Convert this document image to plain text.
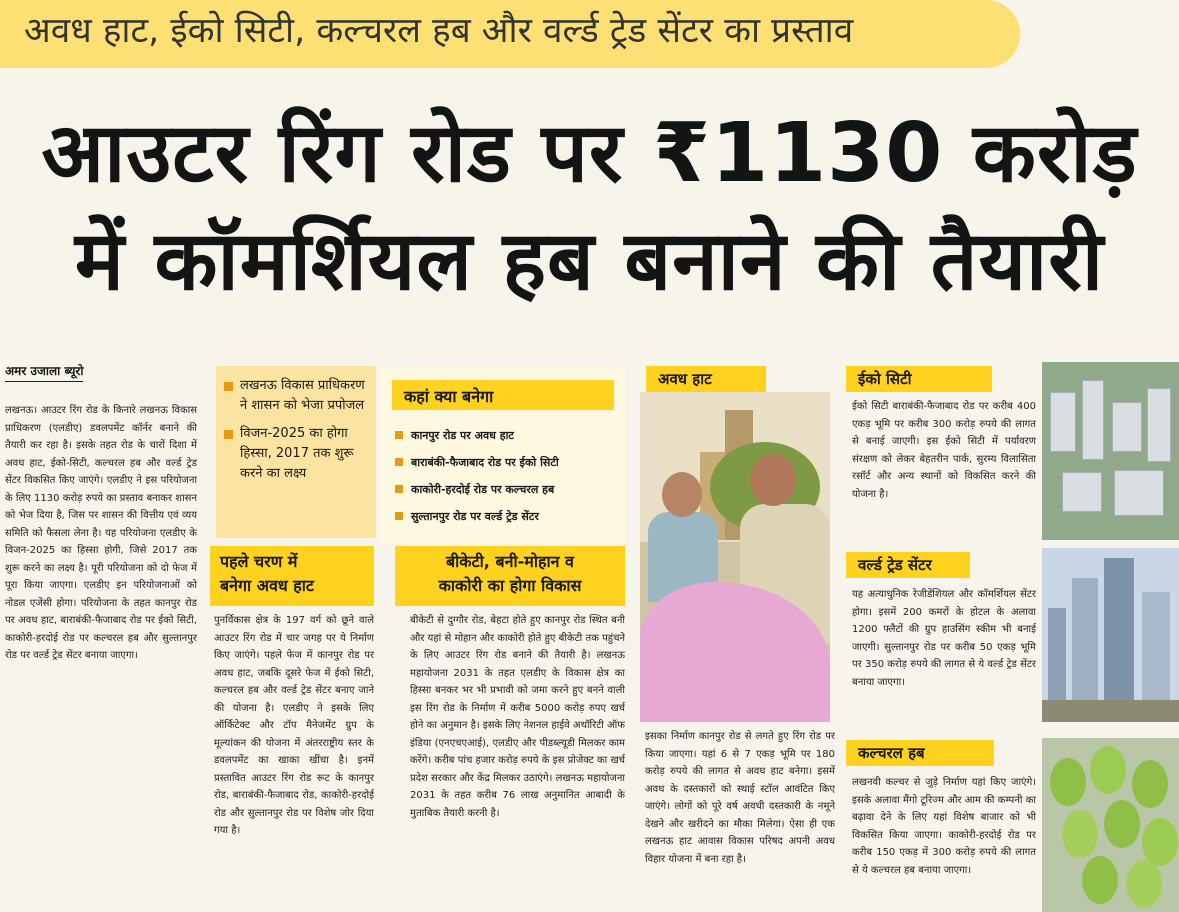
अवध हाट, ईको सिटी, कल्चरल हब और वर्ल्ड ट्रेड सेंटर का प्रस्ताव
आउटर रिंग रोड पर ₹1130 करोड़
में कॉमर्शियल हब बनाने की तैयारी
अमर उजाला ब्यूरो
लखनऊ। आउटर रिंग रोड के किनारे लखनऊ विकास प्राधिकरण (एलडीए) डवलपमेंट कॉर्नर बनाने की तैयारी कर रहा है। इसके तहत रोड के चारों दिशा में अवध हाट, ईको-सिटी, कल्चरल हब और वर्ल्ड ट्रेड सेंटर विकसित किए जाएंगे। एलडीए ने इस परियोजना के लिए 1130 करोड़ रुपये का प्रस्ताव बनाकर शासन को भेज दिया है, जिस पर शासन की वित्तीय एवं व्यय समिति को फैसला लेना है। यह परियोजना एलडीए के विजन-2025 का हिस्सा होगी, जिसे 2017 तक शुरू करने का लक्ष्य है। पूरी परियोजना को दो फेज में पूरा किया जाएगा। एलडीए इन परियोजनाओं को नोडल एजेंसी होगा। परियोजना के तहत कानपुर रोड पर अवध हाट, बाराबंकी-फैजाबाद रोड पर ईको सिटी, काकोरी-हरदोई रोड पर कल्चरल हब और सुल्तानपुर रोड पर वर्ल्ड ट्रेड सेंटर बनाया जाएगा।
लखनऊ विकास प्राधिकरण ने शासन को भेजा प्रपोजल
विजन-2025 का होगा हिस्सा, 2017 तक शुरू करने का लक्ष्य
कहां क्या बनेगा
कानपुर रोड पर अवध हाट
बाराबंकी-फैजाबाद रोड पर ईको सिटी
काकोरी-हरदोई रोड पर कल्चरल हब
सुल्तानपुर रोड पर वर्ल्ड ट्रेड सेंटर
पहले चरण में
बनेगा अवध हाट
पुनर्विकास क्षेत्र के 197 वर्ग को छूने वाले आउटर रिंग रोड में चार जगह पर ये निर्माण किए जाएंगे। पहले फेज में कानपुर रोड पर अवध हाट, जबकि दूसरे फेज में ईको सिटी, कल्चरल हब और वर्ल्ड ट्रेड सेंटर बनाए जाने की योजना है। एलडीए ने इसके लिए ऑर्किटेक्ट और टॉप मैनेजमेंट ग्रुप के मूल्यांकन की योजना में अंतरराष्ट्रीय स्तर के डवलपमेंट का खाका खींचा है। इनमें प्रस्तावित आउटर रिंग रोड रूट के कानपुर रोड, बाराबंकी-फैजाबाद रोड, काकोरी-हरदोई रोड और सुल्तानपुर रोड पर विशेष जोर दिया गया है।
बीकेटी, बनी-मोहान व
काकोरी का होगा विकास
बीकेटी से दुग्गौर रोड, बेहटा होते हुए कानपुर रोड स्थित बनी और यहां से मोहान और काकोरी होते हुए बीकेटी तक पहुंचने के लिए आउटर रिंग रोड बनाने की तैयारी है। लखनऊ महायोजना 2031 के तहत एलडीए के विकास क्षेत्र का हिस्सा बनकर भर भी प्रभावी को जमा करने हुए बनने वाली इस रिंग रोड के निर्माण में करीब 5000 करोड़ रुपए खर्च होने का अनुमान है। इसके लिए नेशनल हाईवे अथॉरिटी ऑफ इंडिया (एनएचएआई), एलडीए और पीडब्ल्यूडी मिलकर काम करेंगे। करीब पांच हजार करोड़ रुपये के इस प्रोजेक्ट का खर्च प्रदेश सरकार और केंद्र मिलकर उठाएंगे। लखनऊ महायोजना 2031 के तहत करीब 76 लाख अनुमानित आबादी के मुताबिक तैयारी करनी है।
अवध हाट
इसका निर्माण कानपुर रोड से लगते हुए रिंग रोड पर किया जाएगा। यहां 6 से 7 एकड़ भूमि पर 180 करोड़ रुपये की लागत से अवध हाट बनेगा। इसमें अवध के दस्तकारों को स्थाई स्टॉल आवंटित किए जाएंगे। लोगों को पूरे वर्ष अवधी दस्तकारी के नमूने देखने और खरीदने का मौका मिलेगा। ऐसा ही एक लखनऊ हाट आवास विकास परिषद अपनी अवध विहार योजना में बना रहा है।
ईको सिटी
ईको सिटी बाराबंकी-फैजाबाद रोड पर करीब 400 एकड़ भूमि पर करीब 300 करोड़ रुपये की लागत से बनाई जाएगी। इस ईको सिटी में पर्यावरण संरक्षण को लेकर बेहतरीन पार्क, सुरम्य विलासिता रसॉर्ट और अन्य स्थानों को विकसित करने की योजना है।
वर्ल्ड ट्रेड सेंटर
यह अत्याधुनिक रेजीडेंशियल और कॉमर्शियल सेंटर होगा। इसमें 200 कमरों के होटल के अलावा 1200 फ्लैटों की ग्रुप हाउसिंग स्कीम भी बनाई जाएगी। सुल्तानपुर रोड पर करीब 50 एकड़ भूमि पर 350 करोड़ रुपये की लागत से ये वर्ल्ड ट्रेड सेंटर बनाया जाएगा।
कल्चरल हब
लखनवी कल्चर से जुड़े निर्माण यहां किए जाएंगे। इसके अलावा मैंगो टूरिज्म और आम की कम्पनी का बढ़ावा देने के लिए यहां विशेष बाजार को भी विकसित किया जाएगा। काकोरी-हरदोई रोड पर करीब 150 एकड़ में 300 करोड़ रुपये की लागत से ये कल्चरल हब बनाया जाएगा।
